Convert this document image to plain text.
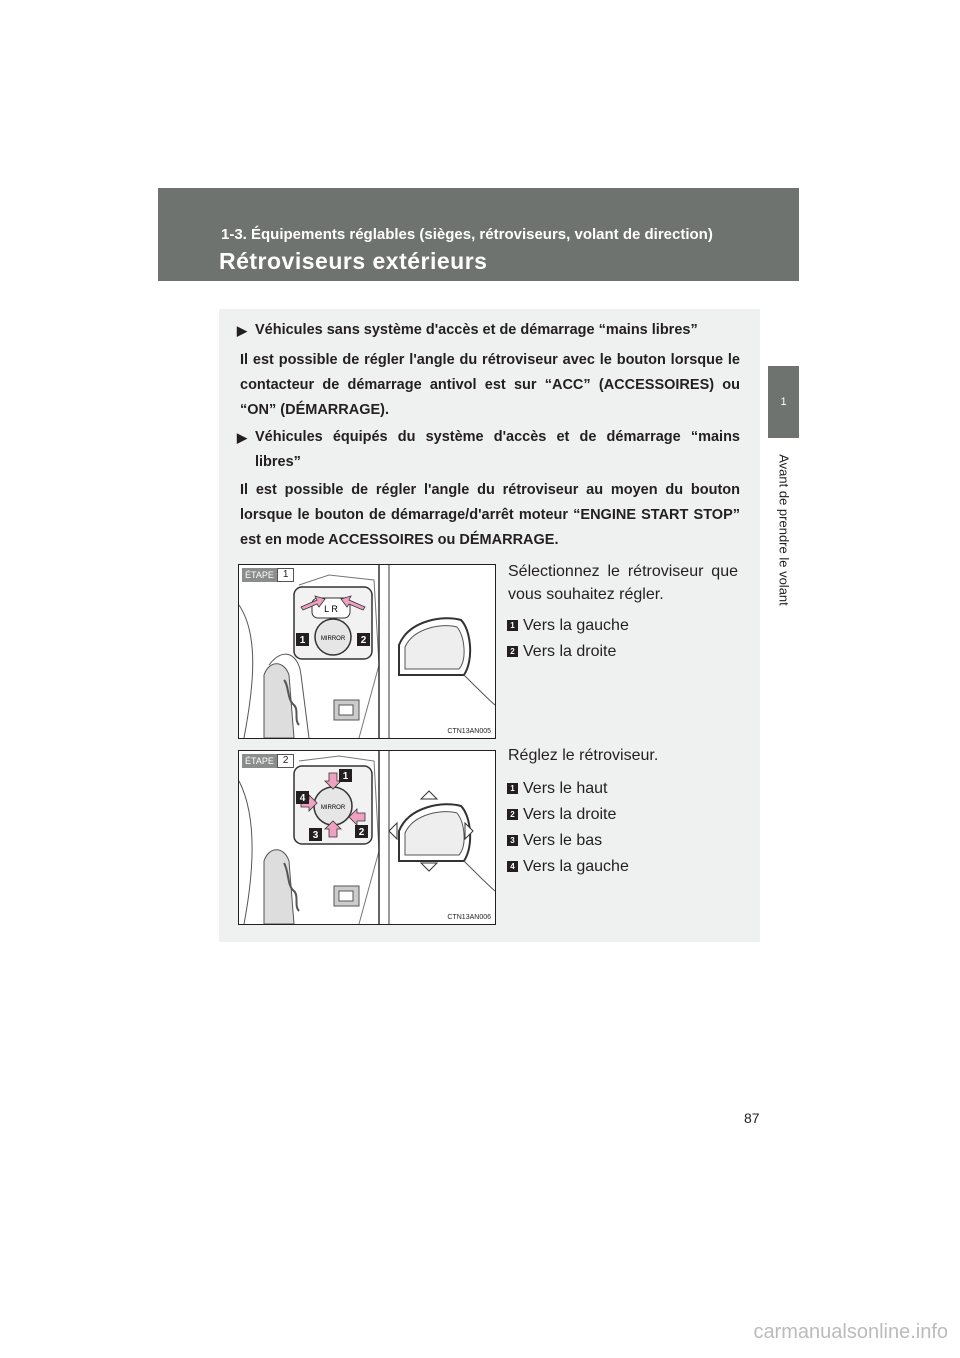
1-3. Équipements réglables (sièges, rétroviseurs, volant de direction)
Rétroviseurs extérieurs
1
Avant de prendre le volant
▶ Véhicules sans système d'accès et de démarrage “mains libres”
Il est possible de régler l'angle du rétroviseur avec le bouton lorsque le contacteur de démarrage antivol est sur “ACC” (ACCESSOIRES) ou “ON” (DÉMARRAGE).
▶ Véhicules équipés du système d'accès et de démarrage “mains libres”
Il est possible de régler l'angle du rétroviseur au moyen du bouton lorsque le bouton de démarrage/d'arrêt moteur “ENGINE START STOP” est en mode ACCESSOIRES ou DÉMARRAGE.
L R
MIRROR
1	2
ÉTAPE 1
CTN13AN005
Sélectionnez le rétroviseur que vous souhaitez régler.
1 Vers la gauche
2 Vers la droite
MIRROR
1
2
3
4
ÉTAPE 2
CTN13AN006
Réglez le rétroviseur.
1 Vers le haut
2 Vers la droite
3 Vers le bas
4 Vers la gauche
87
carmanualsonline.info
